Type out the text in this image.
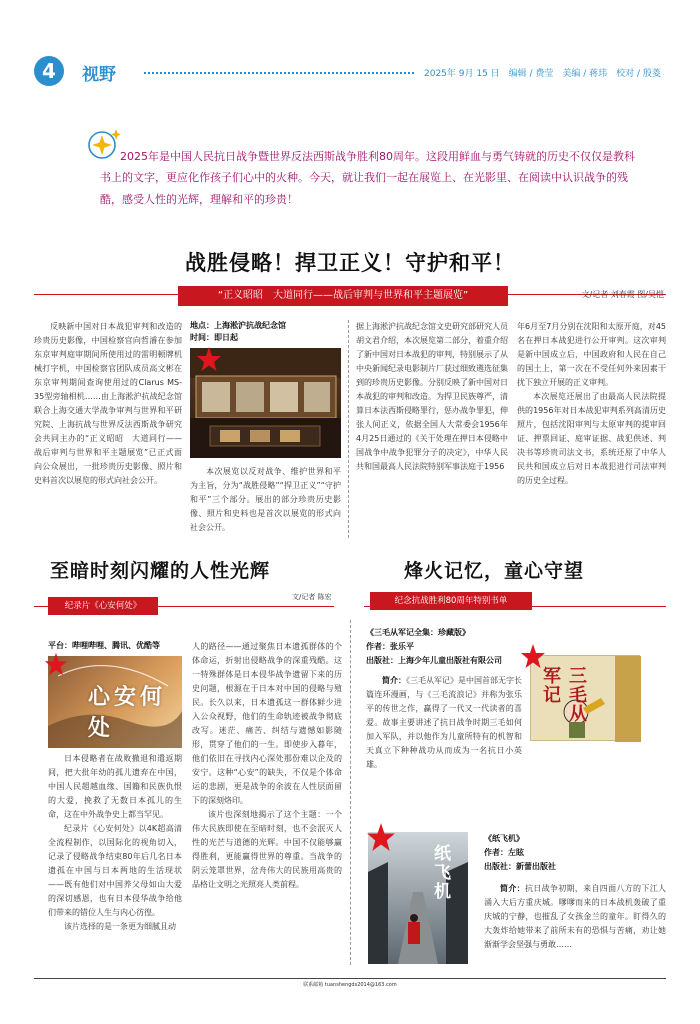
4	视野	2025年 9月 15 日　编辑 / 费莹　美编 / 蒋玮　校对 / 殷菱

2025年是中国人民抗日战争暨世界反法西斯战争胜利80周年。这段用鲜血与勇气铸就的历史不仅仅是教科书上的文字，更应化作孩子们心中的火种。今天，就让我们一起在展览上、在光影里、在阅读中认识战争的残酷，感受人性的光辉，理解和平的珍贵！

战胜侵略！捍卫正义！守护和平！
“正义昭昭　大道同行——战后审判与世界和平主题展览”	文/记者 刘春霞 图/吴恺

反映新中国对日本战犯审判和改造的珍贵历史影像，中国检察官向哲濬在参加东京审判庭审期间所使用过的雷明顿牌机械打字机，中国检察官团队成员高文彬在东京审判期间查询使用过的Clarus MS-35型旁轴相机……由上海淞沪抗战纪念馆联合上海交通大学战争审判与世界和平研究院、上海抗战与世界反法西斯战争研究会共同主办的“正义昭昭　大道同行——战后审判与世界和平主题展览”已正式面向公众展出，一批珍贵历史影像、照片和史料首次以展览的形式向社会公开。

地点：上海淞沪抗战纪念馆
时间：即日起

本次展览以反对战争、维护世界和平为主旨，分为“战胜侵略”“捍卫正义”“守护和平”三个部分。展出的部分珍贵历史影像、照片和史料也是首次以展览的形式向社会公开。

据上海淞沪抗战纪念馆文史研究部研究人员胡文君介绍，本次展览第二部分，着重介绍了新中国对日本战犯的审判，特别展示了从中央新闻纪录电影制片厂获过细致遴选征集到的珍贵历史影像。分别反映了新中国对日本战犯的审判和改造。为捍卫民族尊严，清算日本法西斯侵略罪行，惩办战争罪犯，伸张人间正义，依据全国人大常委会1956年4月25日通过的《关于处理在押日本侵略中国战争中战争犯罪分子的决定》，中华人民共和国最高人民法院特别军事法庭于1956

年6月至7月分别在沈阳和太原开庭，对45名在押日本战犯进行公开审判。这次审判是新中国成立后，中国政府和人民在自己的国土上，第一次在不受任何外来因素干扰下独立开展的正义审判。

本次展览还展出了由最高人民法院提供的1956年对日本战犯审判系列高清历史照片，包括沈阳审判与太原审判的提审回证、押票回证、庭审证据、战犯供述、判决书等珍贵司法文书，系统还原了中华人民共和国成立后对日本战犯进行司法审判的历史全过程。

至暗时刻闪耀的人性光辉
纪录片《心安何处》
文/记者 陈宏
平台：哔哩哔哩、腾讯、优酷等
心安何处

日本侵略者在战败撤退和遣返期间，把大批年幼的孤儿遗弃在中国，中国人民超越血缘、国籍和民族仇恨的大爱，挽救了无数日本孤儿的生命，这在中外战争史上都当罕见。

纪录片《心安何处》以4K超高清全流程制作，以国际化的视角切入，记录了侵略战争结束80年后几名日本遗孤在中国与日本两地的生活现状——既有他们对中国养父母如山大爱的深切感恩，也有日本侵华战争给他们带来的错位人生与内心彷徨。

该片选择的是一条更为细腻且动

人的路径——通过聚焦日本遗孤群体的个体命运，折射出侵略战争的深重残酷。这一特殊群体是日本侵华战争遗留下来的历史问题，根源在于日本对中国的侵略与殖民。长久以来，日本遗孤这一群体鲜少进入公众视野，他们的生命轨迹被战争彻底改写。迷茫、痛苦、纠结与遗憾如影随形，贯穿了他们的一生。即使步入暮年，他们依旧在寻找内心深处那份难以企及的安宁。这种“心安”的缺失，不仅是个体命运的悲剧，更是战争的余波在人性层面留下的深刻烙印。

该片也深刻地揭示了这个主题：一个伟大民族即使在至暗时刻，也不会泯灭人性的光芒与道德的光辉。中国不仅能够赢得胜利，更能赢得世界的尊重。当战争的阴云笼罩世界，岔舟伟大的民族用高贵的品格让文明之光照亮人类前程。

烽火记忆，童心守望
纪念抗战胜利80周年特别书单
《三毛从军记全集：珍藏版》
作者：张乐平
出版社：上海少年儿童出版社有限公司

简介：《三毛从军记》是中国首部无字长篇连环漫画，与《三毛流浪记》并称为张乐平的传世之作，赢得了一代又一代读者的喜爱。故事主要讲述了抗日战争时期三毛如何加入军队，并以他作为儿童所特有的机智和天真立下种种战功从而成为一名抗日小英雄。

三毛从军记
纸飞机
《纸飞机》
作者：左眩
出版社：新蕾出版社

简介：抗日战争初期，来自四面八方的下江人涌入大后方重庆城。嗲嗲而来的日本战机轰破了重庆城的宁静，也摧乱了女孩金兰的童年。盯得久的大轰炸给她带来了前所未有的恐惧与苦痛，劝让她渐渐学会坚强与勇敢……

联系邮箱 tuanshengds2014@163.com
